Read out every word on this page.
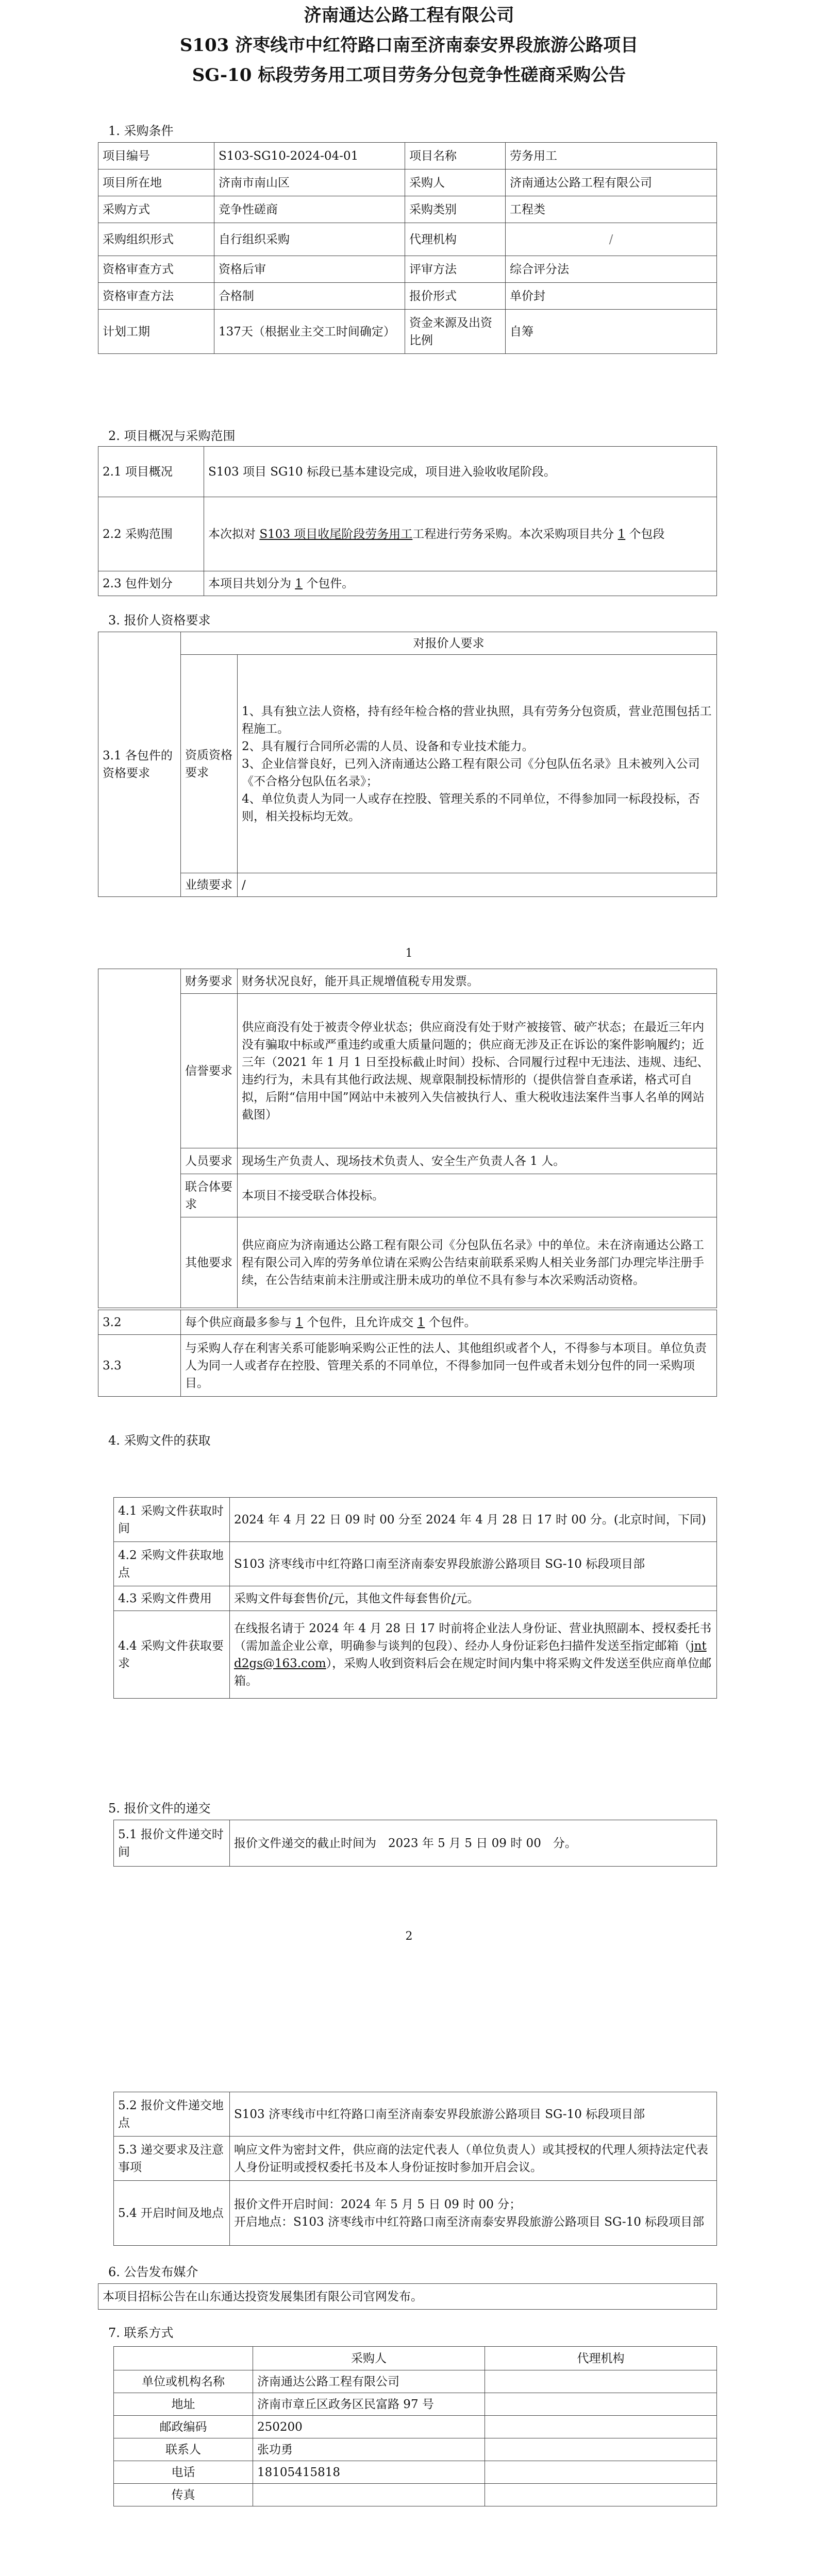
济南通达公路工程有限公司
S103 济枣线市中红符路口南至济南泰安界段旅游公路项目
SG-10 标段劳务用工项目劳务分包竞争性磋商采购公告
1. 采购条件
项目编号	S103-SG10-2024-04-01	项目名称	劳务用工
项目所在地	济南市南山区	采购人	济南通达公路工程有限公司
采购方式	竞争性磋商	采购类别	工程类
采购组织形式	自行组织采购	代理机构	/
资格审查方式	资格后审	评审方法	综合评分法
资格审查方法	合格制	报价形式	单价封
计划工期	137天（根据业主交工时间确定）	资金来源及出资比例	自筹
2. 项目概况与采购范围
2.1 项目概况	S103 项目 SG10 标段已基本建设完成，项目进入验收收尾阶段。
2.2 采购范围	本次拟对 S103 项目收尾阶段劳务用工工程进行劳务采购。本次采购项目共分 1 个包段
2.3 包件划分	本项目共划分为 1 个包件。
3. 报价人资格要求
3.1 各包件的资格要求	对报价人要求	
	资质资格要求	1、具有独立法人资格，持有经年检合格的营业执照，具有劳务分包资质，营业范围包括工程施工。
2、具有履行合同所必需的人员、设备和专业技术能力。
3、企业信誉良好，已列入济南通达公路工程有限公司《分包队伍名录》且未被列入公司《不合格分包队伍名录》；
4、单位负责人为同一人或存在控股、管理关系的不同单位，不得参加同一标段投标，否则，相关投标均无效。

	业绩要求	/
1
	财务要求	财务状况良好，能开具正规增值税专用发票。
	信誉要求	供应商没有处于被责令停业状态；供应商没有处于财产被接管、破产状态；在最近三年内没有骗取中标或严重违约或重大质量问题的；供应商无涉及正在诉讼的案件影响履约；近三年（2021 年 1 月 1 日至投标截止时间）投标、合同履行过程中无违法、违规、违纪、违约行为，未具有其他行政法规、规章限制投标情形的（提供信誉自查承诺，格式可自拟，后附“信用中国”网站中未被列入失信被执行人、重大税收违法案件当事人名单的网站截图）
	人员要求	现场生产负责人、现场技术负责人、安全生产负责人各 1 人。
	联合体要求	本项目不接受联合体投标。
	其他要求	供应商应为济南通达公路工程有限公司《分包队伍名录》中的单位。未在济南通达公路工程有限公司入库的劳务单位请在采购公告结束前联系采购人相关业务部门办理完毕注册手续，在公告结束前未注册或注册未成功的单位不具有参与本次采购活动资格。
3.2	每个供应商最多参与 1 个包件，且允许成交 1 个包件。
3.3	与采购人存在利害关系可能影响采购公正性的法人、其他组织或者个人，不得参与本项目。单位负责人为同一人或者存在控股、管理关系的不同单位，不得参加同一包件或者未划分包件的同一采购项目。
4. 采购文件的获取
4.1 采购文件获取时间	2024 年 4 月 22 日 09 时 00 分至 2024 年 4 月 28 日 17 时 00 分。(北京时间，下同)
4.2 采购文件获取地点	S103 济枣线市中红符路口南至济南泰安界段旅游公路项目 SG-10 标段项目部
4.3 采购文件费用	采购文件每套售价/元，其他文件每套售价/元。
4.4 采购文件获取要求	在线报名请于 2024 年 4 月 28 日 17 时前将企业法人身份证、营业执照副本、授权委托书（需加盖企业公章，明确参与谈判的包段）、经办人身份证彩色扫描件发送至指定邮箱（jntd2gs@163.com），采购人收到资料后会在规定时间内集中将采购文件发送至供应商单位邮箱。
5. 报价文件的递交
5.1 报价文件递交时间	报价文件递交的截止时间为　2023 年 5 月 5 日 09 时 00　分。
2
5.2 报价文件递交地点	S103 济枣线市中红符路口南至济南泰安界段旅游公路项目 SG-10 标段项目部
5.3 递交要求及注意事项	响应文件为密封文件，供应商的法定代表人（单位负责人）或其授权的代理人须持法定代表人身份证明或授权委托书及本人身份证按时参加开启会议。
5.4 开启时间及地点	报价文件开启时间：2024 年 5 月 5 日 09 时 00 分；
开启地点：S103 济枣线市中红符路口南至济南泰安界段旅游公路项目 SG-10 标段项目部
6. 公告发布媒介
本项目招标公告在山东通达投资发展集团有限公司官网发布。
7. 联系方式
	采购人	代理机构
单位或机构名称	济南通达公路工程有限公司	
地址	济南市章丘区政务区民富路 97 号	
邮政编码	250200	
联系人	张功勇	
电话	18105415818	
传真		
